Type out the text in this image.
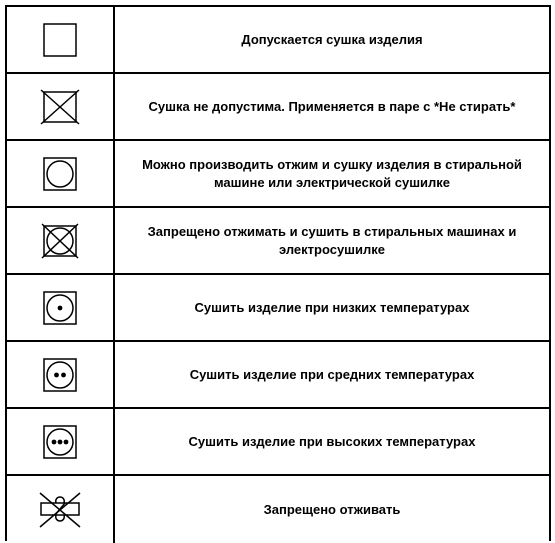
Допускается сушка изделия
Сушка не допустима. Применяется в паре с *Не стирать*
Можно производить отжим и сушку изделия в стиральной машине или электрической сушилке
Запрещено отжимать и сушить в стиральных машинах и электросушилке
Сушить изделие при низких температурах
Сушить изделие при средних температурах
Сушить изделие при высоких температурах
Запрещено отживать
